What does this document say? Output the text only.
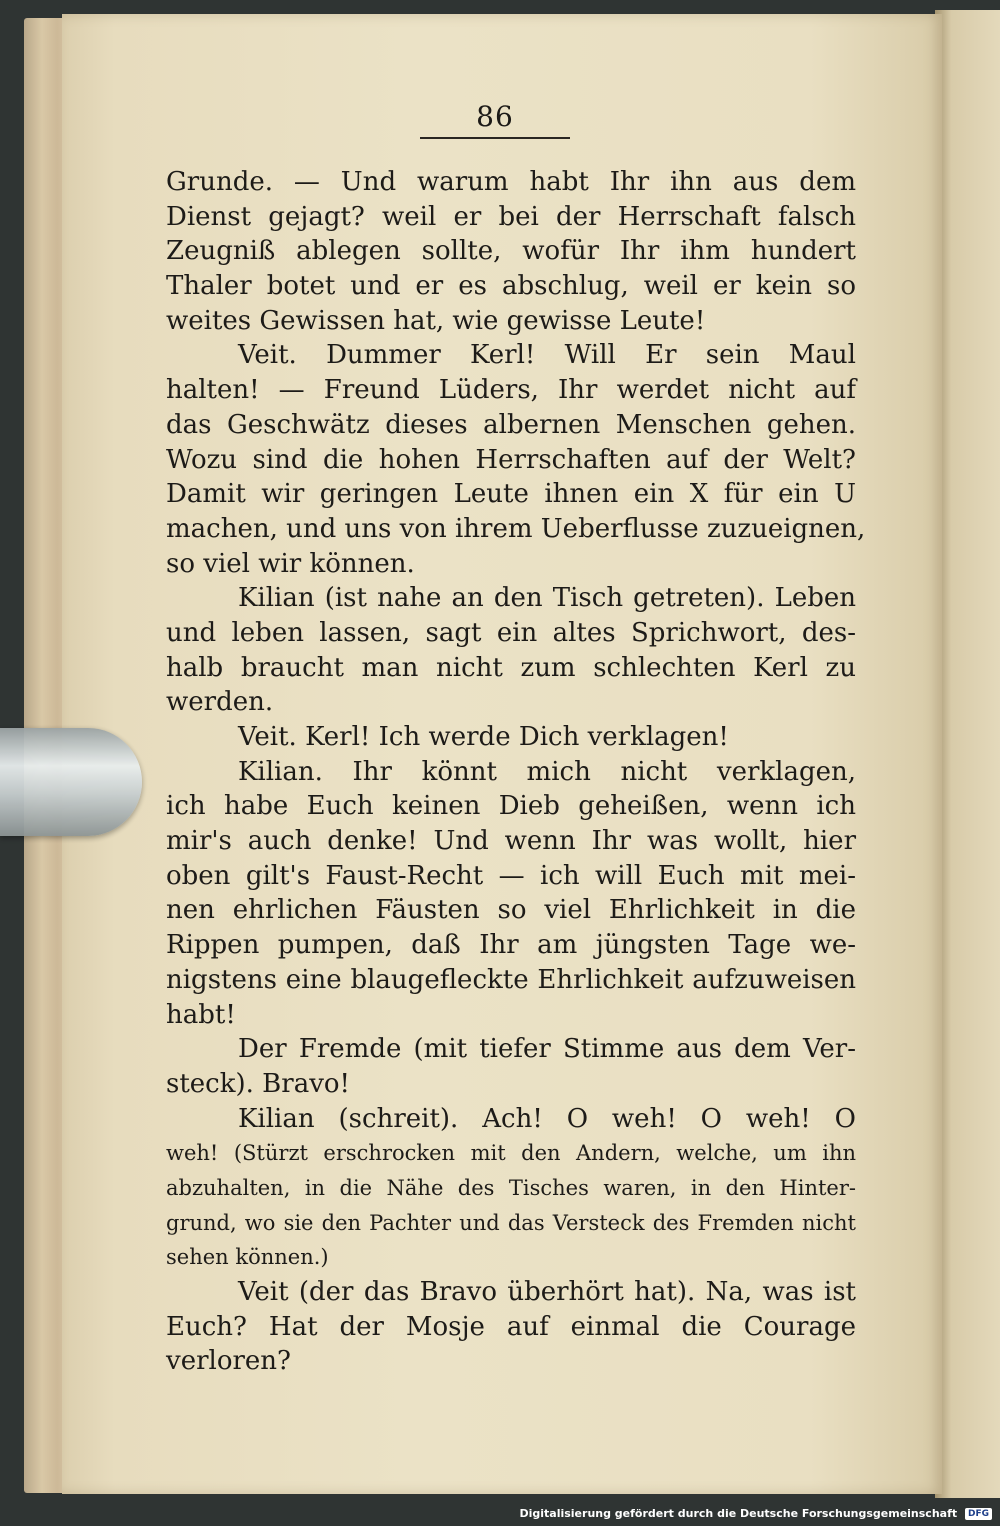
86
Grunde. — Und warum habt Ihr ihn aus dem
Dienst gejagt? weil er bei der Herrschaft falsch
Zeugniß ablegen sollte, wofür Ihr ihm hundert
Thaler botet und er es abschlug, weil er kein so
weites Gewissen hat, wie gewisse Leute!
Veit. Dummer Kerl! Will Er sein Maul
halten! — Freund Lüders, Ihr werdet nicht auf
das Geschwätz dieses albernen Menschen gehen.
Wozu sind die hohen Herrschaften auf der Welt?
Damit wir geringen Leute ihnen ein X für ein U
machen, und uns von ihrem Ueberflusse zuzueignen,
so viel wir können.
Kilian (ist nahe an den Tisch getreten). Leben
und leben lassen, sagt ein altes Sprichwort, des-
halb braucht man nicht zum schlechten Kerl zu
werden.
Veit. Kerl! Ich werde Dich verklagen!
Kilian. Ihr könnt mich nicht verklagen,
ich habe Euch keinen Dieb geheißen, wenn ich
mir's auch denke! Und wenn Ihr was wollt, hier
oben gilt's Faust-Recht — ich will Euch mit mei-
nen ehrlichen Fäusten so viel Ehrlichkeit in die
Rippen pumpen, daß Ihr am jüngsten Tage we-
nigstens eine blaugefleckte Ehrlichkeit aufzuweisen
habt!
Der Fremde (mit tiefer Stimme aus dem Ver-
steck). Bravo!
Kilian (schreit). Ach! O weh! O weh! O
weh! (Stürzt erschrocken mit den Andern, welche, um ihn
abzuhalten, in die Nähe des Tisches waren, in den Hinter-
grund, wo sie den Pachter und das Versteck des Fremden nicht
sehen können.)
Veit (der das Bravo überhört hat). Na, was ist
Euch? Hat der Mosje auf einmal die Courage
verloren?
Digitalisierung gefördert durch die Deutsche Forschungsgemeinschaft DFG
